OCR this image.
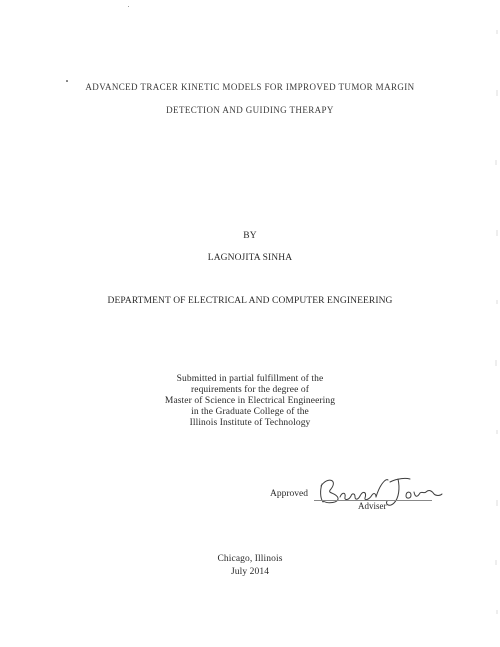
ADVANCED TRACER KINETIC MODELS FOR IMPROVED TUMOR MARGIN
DETECTION AND GUIDING THERAPY
BY
LAGNOJITA SINHA
DEPARTMENT OF ELECTRICAL AND COMPUTER ENGINEERING
Submitted in partial fulfillment of the
requirements for the degree of
Master of Science in Electrical Engineering
in the Graduate College of the
Illinois Institute of Technology
Approved
Adviser
Chicago, Illinois
July 2014
